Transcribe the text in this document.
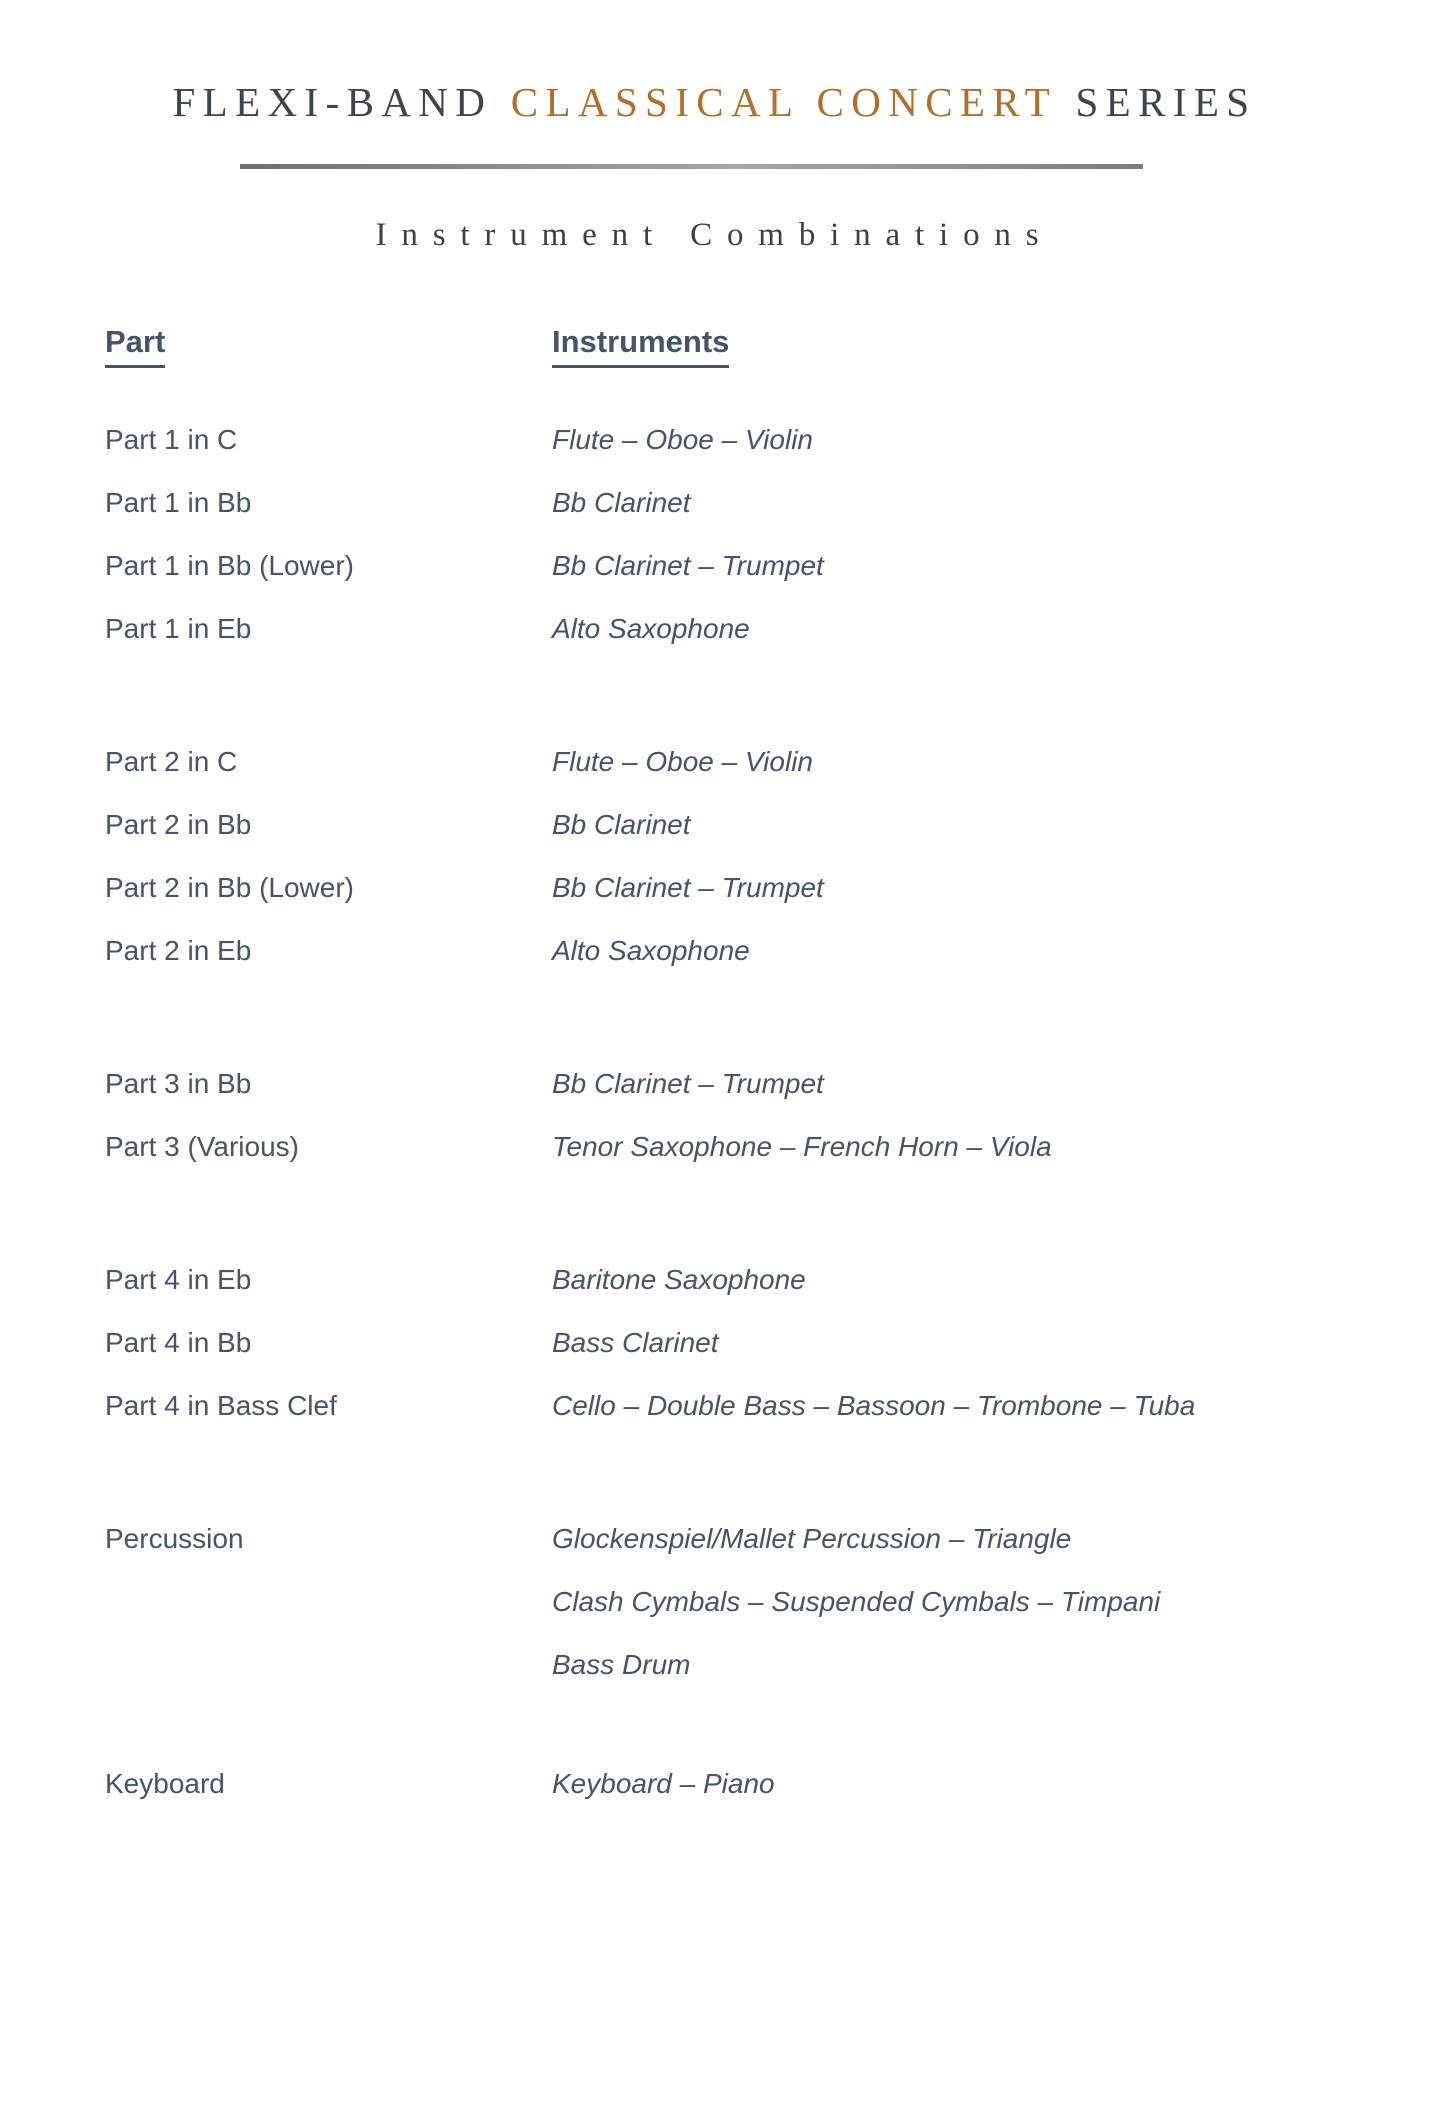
FLEXI-BAND CLASSICAL CONCERT SERIES
Instrument Combinations
Part	Instruments
Part 1 in C	Flute – Oboe – Violin
Part 1 in Bb	Bb Clarinet
Part 1 in Bb (Lower)	Bb Clarinet – Trumpet
Part 1 in Eb	Alto Saxophone
Part 2 in C	Flute – Oboe – Violin
Part 2 in Bb	Bb Clarinet
Part 2 in Bb (Lower)	Bb Clarinet – Trumpet
Part 2 in Eb	Alto Saxophone
Part 3 in Bb	Bb Clarinet – Trumpet
Part 3 (Various)	Tenor Saxophone – French Horn – Viola
Part 4 in Eb	Baritone Saxophone
Part 4 in Bb	Bass Clarinet
Part 4 in Bass Clef	Cello – Double Bass – Bassoon – Trombone – Tuba
Percussion	Glockenspiel/Mallet Percussion – Triangle
Clash Cymbals – Suspended Cymbals – Timpani
Bass Drum
Keyboard	Keyboard – Piano
